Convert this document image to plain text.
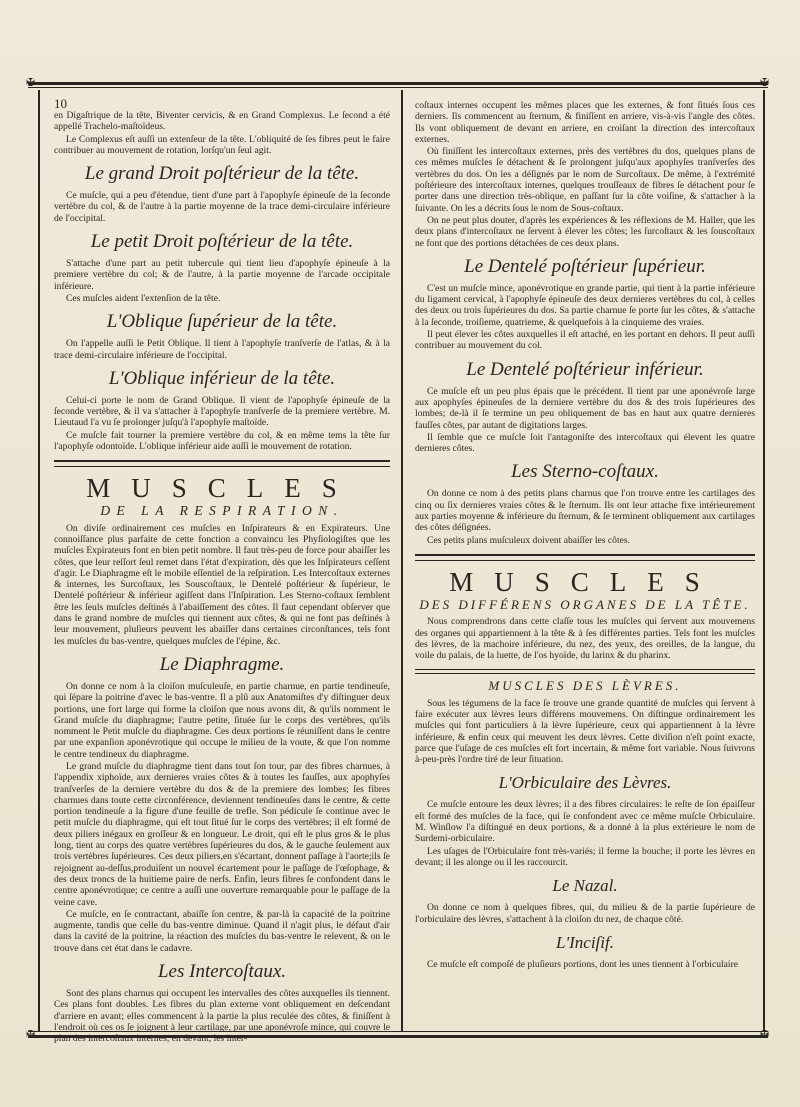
✠	✠
✠	✠
10

en Digaſtrique de la tête, Biventer cervicis, & en Grand Complexus. Le ſecond a été appellé Trachelo-maſtoïdeus.

Le Complexus eſt auſſi un extenſeur de la tête. L'obliquité de ſes fibres peut le faire contribuer au mouvement de rotation, lorſqu'un ſeul agit.

Le grand Droit poſtérieur de la tête.

Ce muſcle, qui a peu d'étendue, tient d'une part à l'apophyſe épineuſe de la ſeconde vertèbre du col, & de l'autre à la partie moyenne de la trace demi-circulaire inférieure de l'occipital.

Le petit Droit poſtérieur de la tête.

S'attache d'une part au petit tubercule qui tient lieu d'apophyſe épineuſe à la premiere vertèbre du col; & de l'autre, à la partie moyenne de l'arcade occipitale inférieure.

Ces muſcles aident l'extenſion de la tête.

L'Oblique ſupérieur de la tête.

On l'appelle auſſi le Petit Oblique. Il tient à l'apophyſe tranſverſe de l'atlas, & à la trace demi-circulaire inférieure de l'occipital.

L'Oblique inférieur de la tête.

Celui-ci porte le nom de Grand Oblique. Il vient de l'apophyſe épineuſe de la ſeconde vertèbre, & il va s'attacher à l'apophyſe tranſverſe de la premiere vertèbre. M. Lieutaud l'a vu ſe prolonger juſqu'à l'apophyſe maſtoïde.

Ce muſcle fait tourner la premiere vertèbre du col, & en même tems la tête ſur l'apophyſe odontoïde. L'oblique inférieur aide auſſi le mouvement de rotation.

MUSCLES
DE LA RESPIRATION.

On diviſe ordinairement ces muſcles en Inſpirateurs & en Expirateurs. Une connoiſſance plus parfaite de cette fonction a convaincu les Phyſiologiſtes que les muſcles Expirateurs font en bien petit nombre. Il faut très-peu de force pour abaiſſer les côtes, que leur reſſort ſeul remet dans l'état d'expiration, dès que les Inſpirateurs ceſſent d'agir. Le Diaphragme eſt le mobile eſſentiel de la reſpiration. Les Intercoſtaux externes & internes, les Surcoſtaux, les Souscoſtaux, le Dentelé poſtérieur & ſupérieur, le Dentelé poſtérieur & inférieur agiſſent dans l'Inſpiration. Les Sterno-coſtaux ſemblent être les ſeuls muſcles deſtinés à l'abaiſſement des côtes. Il faut cependant obſerver que dans le grand nombre de muſcles qui tiennent aux côtes, & qui ne font pas deſtinés à leur mouvement, pluſieurs peuvent les abaiſſer dans certaines circonſtances, tels font les muſcles du bas-ventre, quelques muſcles de l'épine, &c.

Le Diaphragme.

On donne ce nom à la cloiſon muſculeuſe, en partie charnue, en partie tendineuſe, qui ſépare la poitrine d'avec le bas-ventre. Il a plû aux Anatomiſtes d'y diſtinguer deux portions, une fort large qui forme la cloiſon que nous avons dit, & qu'ils nomment le Grand muſcle du diaphragme; l'autre petite, ſituée ſur le corps des vertèbres, qu'ils nomment le Petit muſcle du diaphragme. Ces deux portions ſe réuniſſent dans le centre par une expanſion aponévrotique qui occupe le milieu de la voute, & que l'on nomme le centre tendineux du diaphragme.

Le grand muſcle du diaphragme tient dans tout ſon tour, par des fibres charnues, à l'appendix xiphoïde, aux dernieres vraies côtes & à toutes les fauſſes, aux apophyſes tranſverſes de la derniere vertèbre du dos & de la premiere des lombes; ſes fibres charnues dans toute cette circonférence, deviennent tendineuſes dans le centre, & cette portion tendineuſe a la figure d'une feuille de trefle. Son pédicule ſe continue avec le petit muſcle du diaphragme, qui eſt tout ſitué ſur le corps des vertèbres; il eſt formé de deux piliers inégaux en groſſeur & en longueur. Le droit, qui eſt le plus gros & le plus long, tient au corps des quatre vertèbres ſupérieures du dos, & le gauche ſeulement aux trois vertèbres ſupérieures. Ces deux piliers,en s'écartant, donnent paſſage à l'aorte;ils ſe rejoignent au-deſſus,produiſent un nouvel écartement pour le paſſage de l'œſophage, & des deux troncs de la huitieme paire de nerfs. Enfin, leurs fibres ſe confondent dans le centre aponévrotique; ce centre a auſſi une ouverture remarquable pour le paſſage de la veine cave.

Ce muſcle, en ſe contractant, abaiſſe ſon centre, & par-là la capacité de la poitrine augmente, tandis que celle du bas-ventre diminue. Quand il n'agit plus, le défaut d'air dans la cavité de la poitrine, la réaction des muſcles du bas-ventre le relevent, & on le trouve dans cet état dans le cadavre.

Les Intercoſtaux.

Sont des plans charnus qui occupent les intervalles des côtes auxquelles ils tiennent. Ces plans font doubles. Les fibres du plan externe vont obliquement en deſcendant d'arriere en avant; elles commencent à la partie la plus reculée des côtes, & finiſſent à l'endroit où ces os ſe joignent à leur cartilage, par une aponévroſe mince, qui couvre le plan des intercoſtaux internes; en devant, les inter-

coſtaux internes occupent les mêmes places que les externes, & font ſitués ſous ces derniers. Ils commencent au ſternum, & finiſſent en arriere, vis-à-vis l'angle des côtes. Ils vont obliquement de devant en arriere, en croiſant la direction des intercoſtaux externes.

Où finiſſent les intercoſtaux externes, près des vertèbres du dos, quelques plans de ces mêmes muſcles ſe détachent & ſe prolongent juſqu'aux apophyſes tranſverſes des vertèbres du dos. On les a déſignés par le nom de Surcoſtaux. De même, à l'extrémité poſtérieure des intercoſtaux internes, quelques trouſſeaux de fibres ſe détachent pour ſe porter dans une direction très-oblique, en paſſant ſur la côte voiſine, & s'attacher à la ſuivante. On les a décrits ſous le nom de Sous-coſtaux.

On ne peut plus douter, d'après les expériences & les réflexions de M. Haller, que les deux plans d'intercoſtaux ne ſervent à élever les côtes; les ſurcoſtaux & les ſouscoſtaux ne font que des portions détachées de ces deux plans.

Le Dentelé poſtérieur ſupérieur.

C'est un muſcle mince, aponévrotique en grande partie, qui tient à la partie inférieure du ligament cervical, à l'apophyſe épineuſe des deux dernieres vertèbres du col, à celles des deux ou trois ſupérieures du dos. Sa partie charnue ſe porte ſur les côtes, & s'attache à la ſeconde, troiſieme, quatrieme, & quelquefois à la cinquieme des vraies.

Il peut élever les côtes auxquelles il eſt attaché, en les portant en dehors. Il peut auſſi contribuer au mouvement du col.

Le Dentelé poſtérieur inférieur.

Ce muſcle eſt un peu plus épais que le précédent. Il tient par une aponévroſe large aux apophyſes épineuſes de la derniere vertèbre du dos & des trois ſupérieures des lombes; de-là il ſe termine un peu obliquement de bas en haut aux quatre dernieres fauſſes côtes, par autant de digitations larges.

Il ſemble que ce muſcle ſoit l'antagoniſte des intercoſtaux qui élevent les quatre dernieres côtes.

Les Sterno-coſtaux.

On donne ce nom à des petits plans charnus que l'on trouve entre les cartilages des cinq ou ſix dernieres vraies côtes & le ſternum. Ils ont leur attache fixe intérieurement aux parties moyenne & inférieure du ſternum, & ſe terminent obliquement aux cartilages des côtes déſignées.

Ces petits plans muſculeux doivent abaiſſer les côtes.

MUSCLES
DES DIFFÉRENS ORGANES DE LA TÊTE.

Nous comprendrons dans cette claſſe tous les muſcles qui ſervent aux mouvemens des organes qui appartiennent à la tête & à ſes différentes parties. Tels font les muſcles des lèvres, de la machoire inférieure, du nez, des yeux, des oreilles, de la langue, du voile du palais, de la luette, de l'os hyoïde, du larinx & du pharinx.

MUSCLES DES LÈVRES.

Sous les tégumens de la face ſe trouve une grande quantité de muſcles qui ſervent à faire exécuter aux lèvres leurs différens mouvemens. On diſtingue ordinairement les muſcles qui font particuliers à la lèvre ſupérieure, ceux qui appartiennent à la lèvre inférieure, & enfin ceux qui meuvent les deux lèvres. Cette diviſion n'eſt point exacte, parce que l'uſage de ces muſcles eſt fort incertain, & même fort variable. Nous ſuivrons à-peu-près l'ordre tiré de leur ſituation.

L'Orbiculaire des Lèvres.

Ce muſcle entoure les deux lèvres; il a des fibres circulaires: le reſte de ſon épaiſſeur eſt formé des muſcles de la face, qui ſe confondent avec ce même muſcle Orbiculaire. M. Winſlow l'a diſtingué en deux portions, & a donné à la plus extérieure le nom de Surdemi-orbiculaire.

Les uſages de l'Orbiculaire font très-variés; il ferme la bouche; il porte les lèvres en devant; il les alonge ou il les raccourcit.

Le Nazal.

On donne ce nom à quelques fibres, qui, du milieu & de la partie ſupérieure de l'orbiculaire des lèvres, s'attachent à la cloiſon du nez, de chaque côté.

L'Inciſif.

Ce muſcle eſt compoſé de pluſieurs portions, dont les unes tiennent à l'orbiculaire
